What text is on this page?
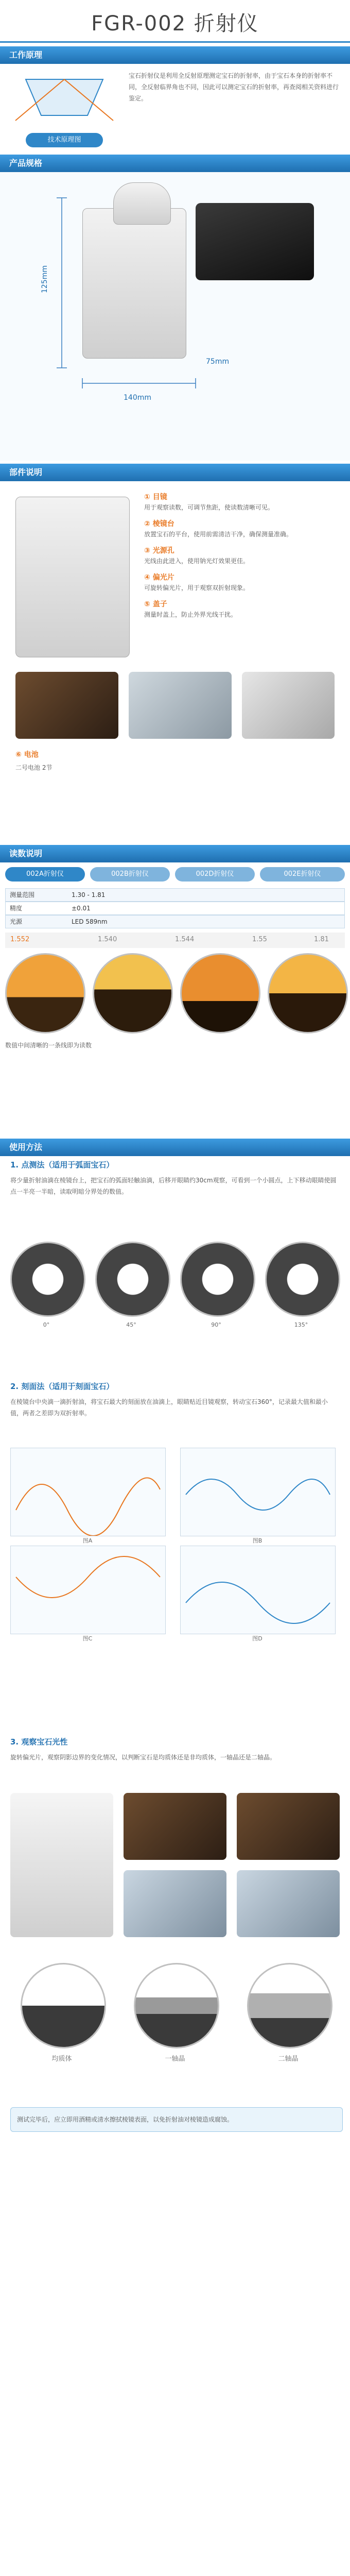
FGR-002 折射仪
工作原理
技术原理图
宝石折射仪是利用全反射原理测定宝石的折射率，由于宝石本身的折射率不同，全反射临界角也不同，因此可以测定宝石的折射率，再查阅相关资料进行鉴定。
产品规格
125mm
140mm
75mm
部件说明
① 目镜
用于观察读数，可调节焦距，使读数清晰可见。
② 棱镜台
放置宝石的平台，使用前需清洁干净，确保测量准确。
③ 光源孔
光线由此进入，使用钠光灯效果更佳。
④ 偏光片
可旋转偏光片，用于观察双折射现象。
⑤ 盖子
测量时盖上，防止外界光线干扰。
⑥ 电池
二号电池 2节
读数说明
002A折射仪	002B折射仪	002D折射仪	002E折射仪
测量范围	1.30 - 1.81
精度	±0.01
光源	LED 589nm
1.552	1.540	1.544	1.55	1.81
数值中间清晰的一条线即为读数
使用方法
1. 点测法（适用于弧面宝石）
将少量折射油滴在棱镜台上，把宝石的弧面轻触油滴，后移开眼睛约30cm观察，可看到一个小圆点，上下移动眼睛使圆点一半亮一半暗，读取明暗分界处的数值。
0°	45°	90°	135°
2. 刻面法（适用于刻面宝石）
在棱镜台中央滴一滴折射油，将宝石最大的刻面放在油滴上，眼睛贴近目镜观察，转动宝石360°，记录最大值和最小值，两者之差即为双折射率。
图A	图B
图C	图D
3. 观察宝石光性
旋转偏光片，观察阴影边界的变化情况，以判断宝石是均质体还是非均质体，一轴晶还是二轴晶。
均质体	一轴晶	二轴晶
测试完毕后，应立即用酒精或清水擦拭棱镜表面，以免折射油对棱镜造成腐蚀。
